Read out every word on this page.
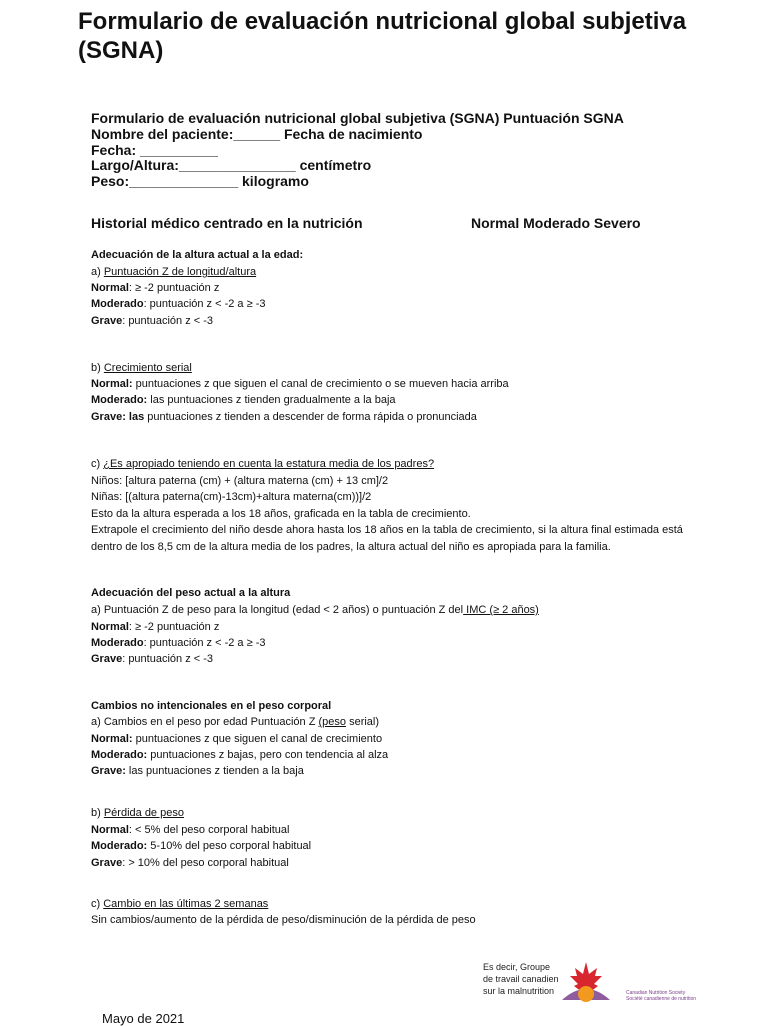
Formulario de evaluación nutricional global subjetiva (SGNA)
Formulario de evaluación nutricional global subjetiva (SGNA) Puntuación SGNA
Nombre del paciente:______ Fecha de nacimiento
Fecha: __________
Largo/Altura:_______________ centímetro
Peso:______________ kilogramo
Historial médico centrado en la nutrición	Normal Moderado Severo
Adecuación de la altura actual a la edad:
a) Puntuación Z de longitud/altura
Normal: ≥ -2 puntuación z
Moderado: puntuación z < -2 a ≥ -3
Grave: puntuación z < -3
b) Crecimiento serial
Normal: puntuaciones z que siguen el canal de crecimiento o se mueven hacia arriba
Moderado: las puntuaciones z tienden gradualmente a la baja
Grave: las puntuaciones z tienden a descender de forma rápida o pronunciada
c) ¿Es apropiado teniendo en cuenta la estatura media de los padres?
Niños: [altura paterna (cm) + (altura materna (cm) + 13 cm]/2
Niñas: [(altura paterna(cm)-13cm)+altura materna(cm))]/2
Esto da la altura esperada a los 18 años, graficada en la tabla de crecimiento.
Extrapole el crecimiento del niño desde ahora hasta los 18 años en la tabla de crecimiento, si la altura final estimada está
dentro de los 8,5 cm de la altura media de los padres, la altura actual del niño es apropiada para la familia.
Adecuación del peso actual a la altura
a) Puntuación Z de peso para la longitud (edad < 2 años) o puntuación Z del IMC (≥ 2 años)
Normal: ≥ -2 puntuación z
Moderado: puntuación z < -2 a ≥ -3
Grave: puntuación z < -3
Cambios no intencionales en el peso corporal
a) Cambios en el peso por edad Puntuación Z (peso serial)
Normal: puntuaciones z que siguen el canal de crecimiento
Moderado: puntuaciones z bajas, pero con tendencia al alza
Grave: las puntuaciones z tienden a la baja
b) Pérdida de peso
Normal: < 5% del peso corporal habitual
Moderado: 5-10% del peso corporal habitual
Grave: > 10% del peso corporal habitual
c) Cambio en las últimas 2 semanas
Sin cambios/aumento de la pérdida de peso/disminución de la pérdida de peso
Es decir, Groupe de travail canadien sur la malnutrition	Canadian Nutrition Society
Société canadienne de nutrition
Mayo de 2021
